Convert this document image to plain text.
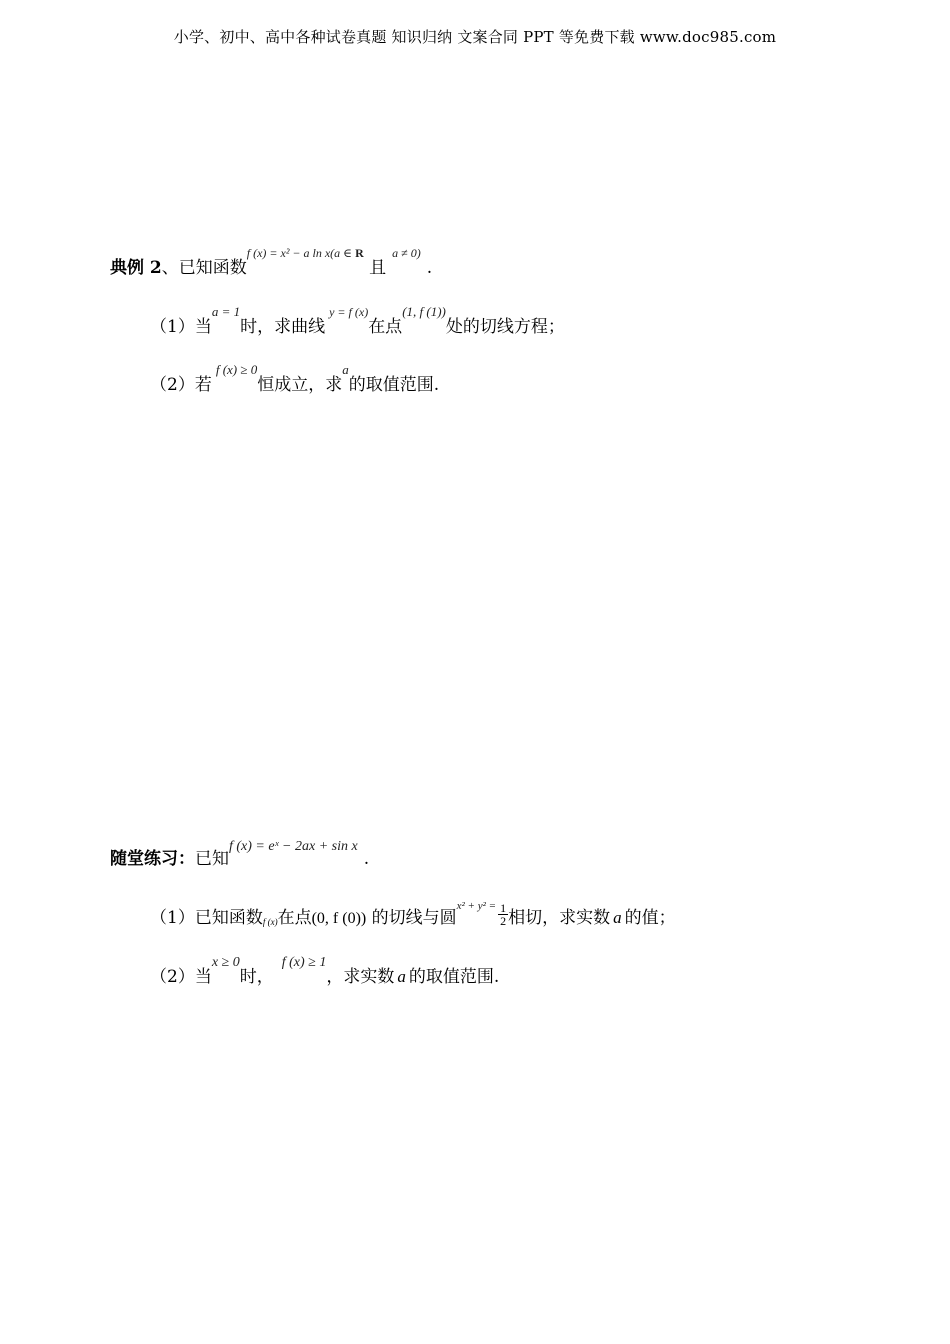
小学、初中、高中各种试卷真题 知识归纳 文案合同 PPT 等免费下载 www.doc985.com
典例 2、已知函数$^{f (x) = x^2 - a ln x(a \in}$ $^R$ 且$^{a \ne 0)}$.
（1）当$^{a = 1}$时，求曲线$^{y = f (x)}$在点$^{(1, f (1))}$处的切线方程；
（2）若$^{f (x) \ge 0}$恒成立，求$^a$的取值范围.
随堂练习：已知$^{f (x) = eˣ - 2ax + sin x}$.
（1）已知函数f (x)在点(0, f (0)) 的切线与圆$^{x^2 + y^2 =} \frac{1}{2}$ 相切，求实数 a 的值；
（2）当$^{x \ge 0}$时，$^{f (x) \ge 1}$，求实数 a 的取值范围.
